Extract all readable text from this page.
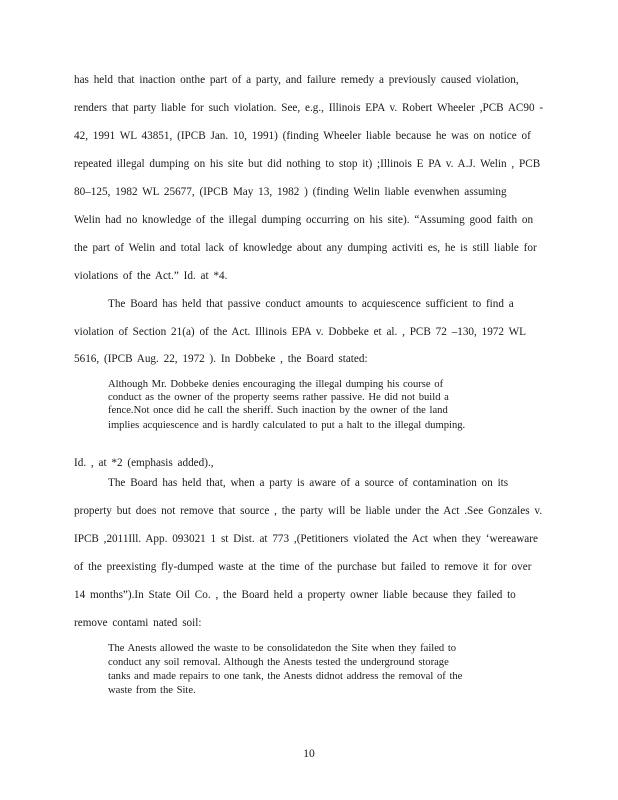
has held that inaction onthe part of a party, and failure remedy a previously caused violation,
renders that party liable for such violation. See, e.g., Illinois EPA v. Robert Wheeler ,PCB AC90 -
42, 1991 WL 43851, (IPCB Jan. 10, 1991) (finding Wheeler liable because he was on notice of
repeated illegal dumping on his site but did nothing to stop it) ;Illinois E PA v. A.J. Welin , PCB
80–125, 1982 WL 25677, (IPCB May 13, 1982 ) (finding Welin liable evenwhen assuming
Welin had no knowledge of the illegal dumping occurring on his site). “Assuming good faith on
the part of Welin and total lack of knowledge about any dumping activiti es, he is still liable for
violations of the Act.” Id. at *4.
The Board has held that passive conduct amounts to acquiescence sufficient to find a
violation of Section 21(a) of the Act. Illinois EPA v. Dobbeke et al. , PCB 72 –130, 1972 WL
5616, (IPCB Aug. 22, 1972 ). In Dobbeke , the Board stated:
Although Mr. Dobbeke denies encouraging the illegal dumping his course of
conduct as the owner of the property seems rather passive. He did not build a
fence.Not once did he call the sheriff. Such inaction by the owner of the land
implies acquiescence and is hardly calculated to put a halt to the illegal dumping.
Id. , at *2 (emphasis added).,
The Board has held that, when a party is aware of a source of contamination on its
property but does not remove that source , the party will be liable under the Act .See Gonzales v.
IPCB ,2011Ill. App. 093021 1 st Dist. at 773 ,(Petitioners violated the Act when they ‘wereaware
of the preexisting fly-dumped waste at the time of the purchase but failed to remove it for over
14 months”).In State Oil Co. , the Board held a property owner liable because they failed to
remove contami nated soil:
The Anests allowed the waste to be consolidatedon the Site when they failed to
conduct any soil removal. Although the Anests tested the underground storage
tanks and made repairs to one tank, the Anests didnot address the removal of the
waste from the Site.
10
